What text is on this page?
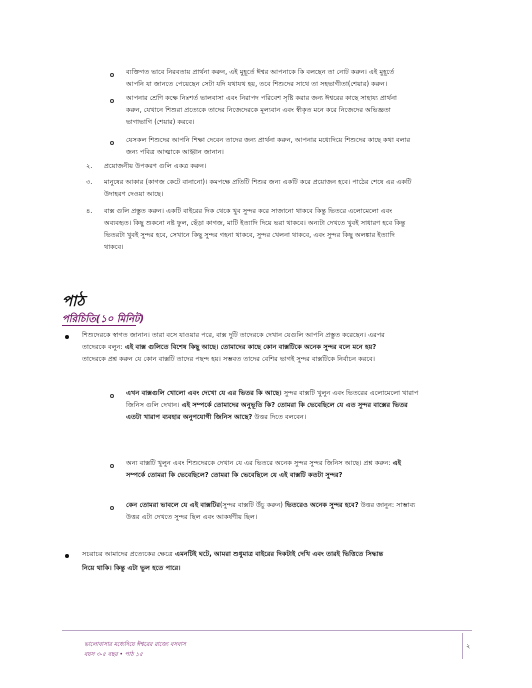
ব্যক্তিগত ভাবে নিরবতায় প্রার্থনা করুন, এই মুহূর্তে ঈশ্বর আপনাকে কি বলছেন তা নোট করুন। এই মুহূর্তে
আপনি যা জানতে পেয়েছেন সেটা যদি যথাযথ হয়, তবে শিশুদের সাথে তা সহভাগীতা(শেয়ার) করুন।
আপনার শ্রেণি কক্ষে নিঃশর্ত ভালবাসা এবং নিরাপদ পরিবেশ সৃষ্টি করার জন্য ঈশ্বরের কাছে সাহায্য প্রার্থনা
করুন, যেখানে শিশুরা প্রত্যেকে তাদের নিজেদেরকে মূল্যবান এবং স্বীকৃত মনে করে নিজেদের অভিজ্ঞতা
ভাগাভাগি (শেয়ার) করবে।
যেসকল শিশুদের আপনি শিক্ষা দেবেন তাদের জন্য প্রার্থনা করুন, আপনার মধ্যেদিয়ে শিশুদের কাছে কথা বলার
জন্য পবিত্র আত্মাকে আহ্বান জানান।
২. প্রয়োজনীয় উপকরণ গুলি একত্র করুন।
৩. মানুষের আকার (কাগজ কেটে বানানো)। কমপক্ষে প্রতিটি শিশুর জন্য একটি করে প্রয়োজন হবে। পাঠের শেষে এর একটি
উদাহরণ দেওয়া আছে।
৪. বাক্স গুলি প্রস্তুত করুন। একটি বাইরের দিক থেকে খুব সুন্দর করে সাজানো থাকবে কিন্তু ভিতরে এলোমেলো এবং
অব্যবহৃত। কিছু শুকনো নষ্ট ফুল, ছেঁড়া কাগজ, মাটি ইত্যাদি দিয়ে ভরা থাকবে। অন্যটা দেখতে খুবই সাধারণ হবে কিন্তু
ভিতরটা খুবই সুন্দর হবে, সেখানে কিছু সুন্দর গহনা থাকবে, সুন্দর খেলনা থাকবে, এবং সুন্দর কিছু অলঙ্কার ইত্যাদি
থাকবে।
পাঠ
পরিচিতি(১০ মিনিট)
শিশুদেরকে স্বাগত জানান। তারা বসে যাওয়ার পরে, বাক্স দুটি তাদেরকে দেখান যেগুলি আপনি প্রস্তুত করেছেন। এরপর
তাদেরকে বলুন: এই বাক্স গুলিতে বিশেষ কিছু আছে। তোমাদের কাছে কোন বাক্সটিকে অনেক সুন্দর বলে মনে হয়?
তাদেরকে প্রশ্ন করুন যে কোন বাক্সটি তাদের পছন্দ হয়। সম্ভবত তাদের বেশির ভাগই সুন্দর বাক্সটিকে নির্বাচন করবে।
এখন বাক্সগুলি খোলো এবং দেখো যে এর ভিতর কি আছে। সুন্দর বাক্সটি খুলুন এবং ভিতরের এলোমেলো খারাপ
জিনিস গুলি দেখান। এই সম্পর্কে তোমাদের অনুভূতি কি? তোমরা কি ভেবেছিলে যে এত সুন্দর বাক্সের ভিতর
এতটা খারাপ ব্যবহার অনুপযোগী জিনিস আছে? উত্তর দিতে বলবেন।
অন্য বাক্সটি খুলুন এবং শিশুদেরকে দেখান যে এর ভিতরে অনেক সুন্দর সুন্দর জিনিস আছে। প্রশ্ন করুন: এই
সম্পর্কে তোমরা কি ভেবেছিলে? তোমরা কি ভেবেছিলে যে এই বাক্সটি কতটা সুন্দর?
কেন তোমরা ভাবলে যে এই বাক্সটির(সুন্দর বাক্সটি উঁচু করুন) ভিতরেও অনেক সুন্দর হবে? উত্তর জানুন: সাম্ভাব্য
উত্তর এটা দেখতে সুন্দর ছিল এবং আকর্ষণীয় ছিল।
সচরাচর আমাদের প্রত্যেকের ক্ষেত্রে এমনটিই ঘটে, আমরা শুধুমাত্র বাইরের দিকটাই দেখি এবং তারই ভিত্তিতে সিদ্ধান্ত
নিয়ে থাকি। কিন্তু এটা ভুল হতে পারে।
ভালোবাসার মধ্যেদিয়ে ঈশ্বরের রাজ্যে বসবাস
বয়স ৩-৫ বছর • পাঠ ১৫
২
